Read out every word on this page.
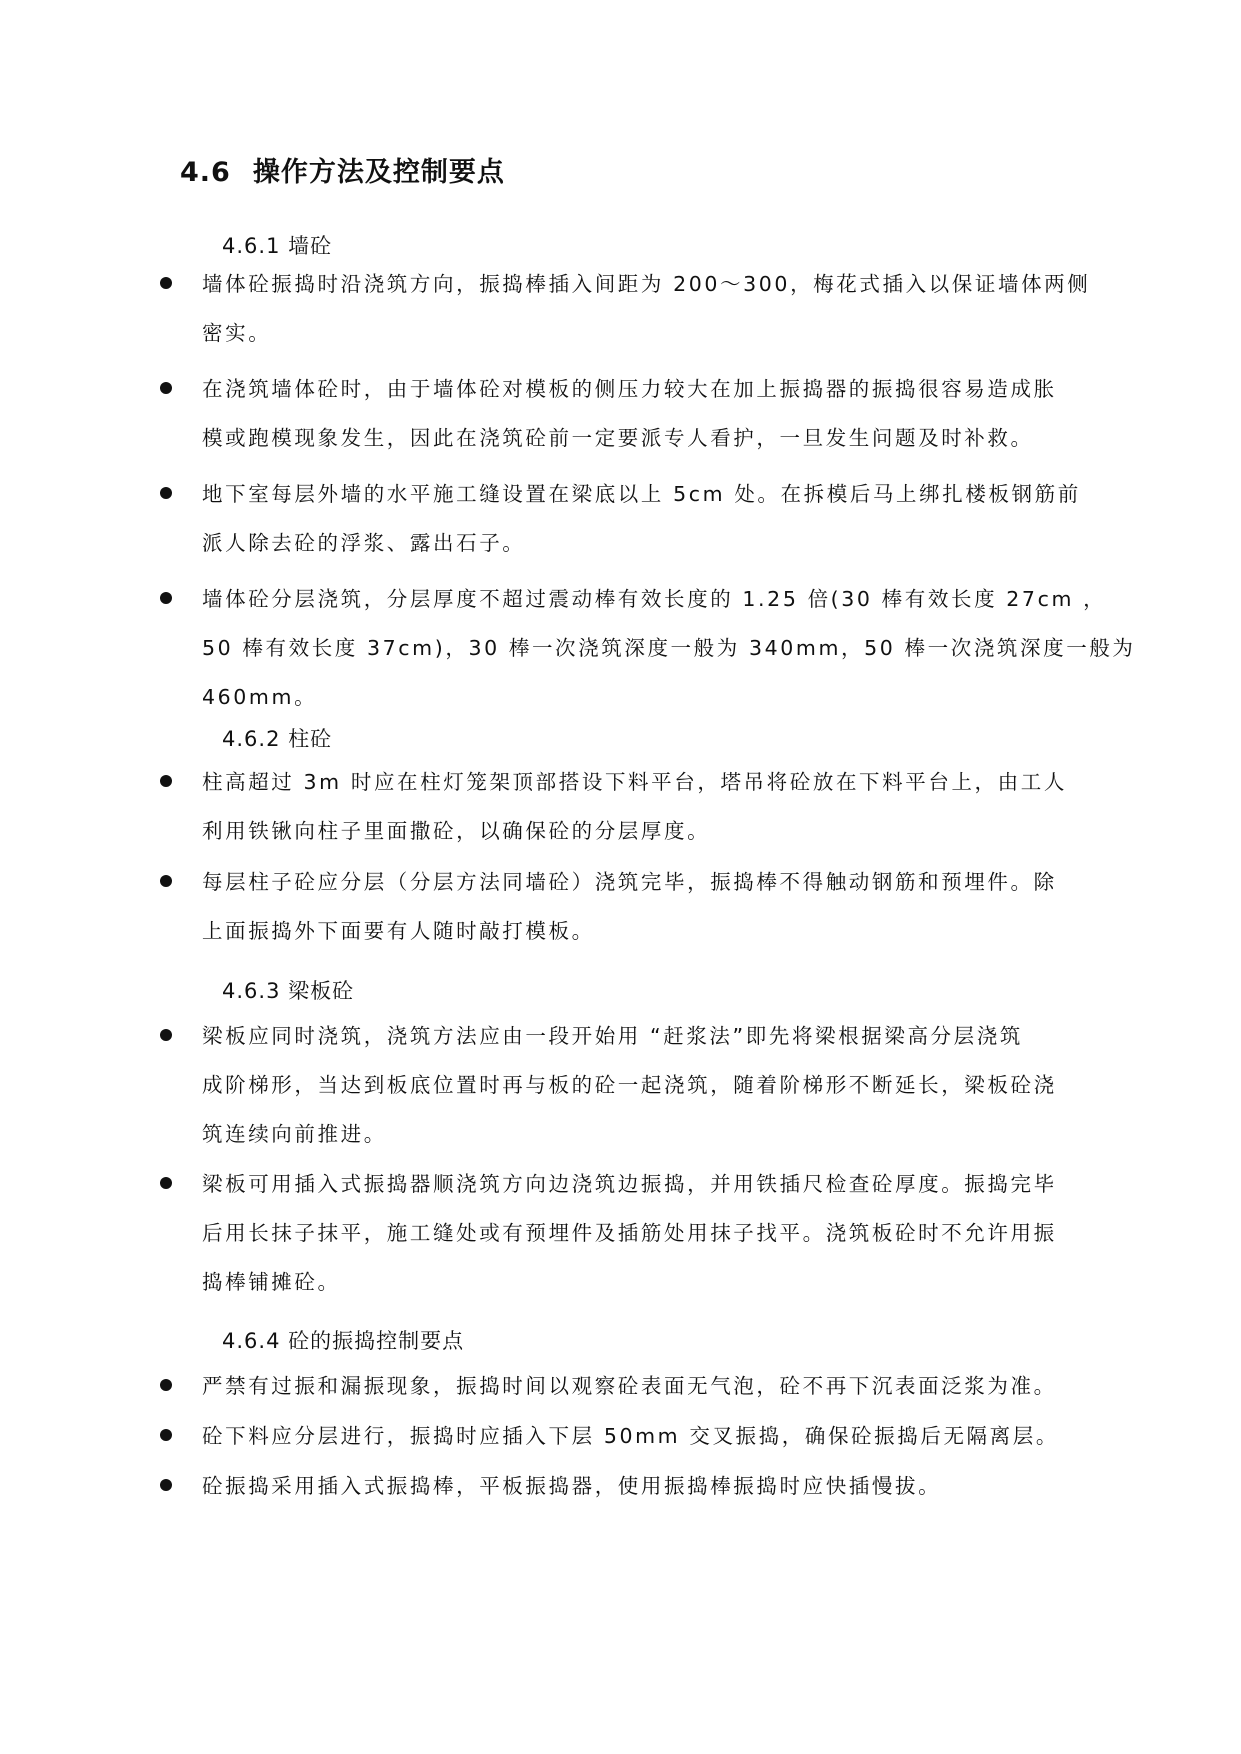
4.6 操作方法及控制要点
4.6.1 墙砼
墙体砼振捣时沿浇筑方向，振捣棒插入间距为 200～300，梅花式插入以保证墙体两侧
密实。
在浇筑墙体砼时，由于墙体砼对模板的侧压力较大在加上振捣器的振捣很容易造成胀
模或跑模现象发生，因此在浇筑砼前一定要派专人看护，一旦发生问题及时补救。
地下室每层外墙的水平施工缝设置在梁底以上 5cm 处。在拆模后马上绑扎楼板钢筋前
派人除去砼的浮浆、露出石子。
墙体砼分层浇筑，分层厚度不超过震动棒有效长度的 1.25 倍(30 棒有效长度 27cm ，
50 棒有效长度 37cm)，30 棒一次浇筑深度一般为 340mm，50 棒一次浇筑深度一般为
460mm。
4.6.2 柱砼
柱高超过 3m 时应在柱灯笼架顶部搭设下料平台，塔吊将砼放在下料平台上，由工人
利用铁锹向柱子里面撒砼，以确保砼的分层厚度。
每层柱子砼应分层（分层方法同墙砼）浇筑完毕，振捣棒不得触动钢筋和预埋件。除
上面振捣外下面要有人随时敲打模板。
4.6.3 梁板砼
梁板应同时浇筑，浇筑方法应由一段开始用 “赶浆法”即先将梁根据梁高分层浇筑
成阶梯形，当达到板底位置时再与板的砼一起浇筑，随着阶梯形不断延长，梁板砼浇
筑连续向前推进。
梁板可用插入式振捣器顺浇筑方向边浇筑边振捣，并用铁插尺检查砼厚度。振捣完毕
后用长抹子抹平，施工缝处或有预埋件及插筋处用抹子找平。浇筑板砼时不允许用振
捣棒铺摊砼。
4.6.4 砼的振捣控制要点
严禁有过振和漏振现象，振捣时间以观察砼表面无气泡，砼不再下沉表面泛浆为准。
砼下料应分层进行，振捣时应插入下层 50mm 交叉振捣，确保砼振捣后无隔离层。
砼振捣采用插入式振捣棒，平板振捣器，使用振捣棒振捣时应快插慢拔。
